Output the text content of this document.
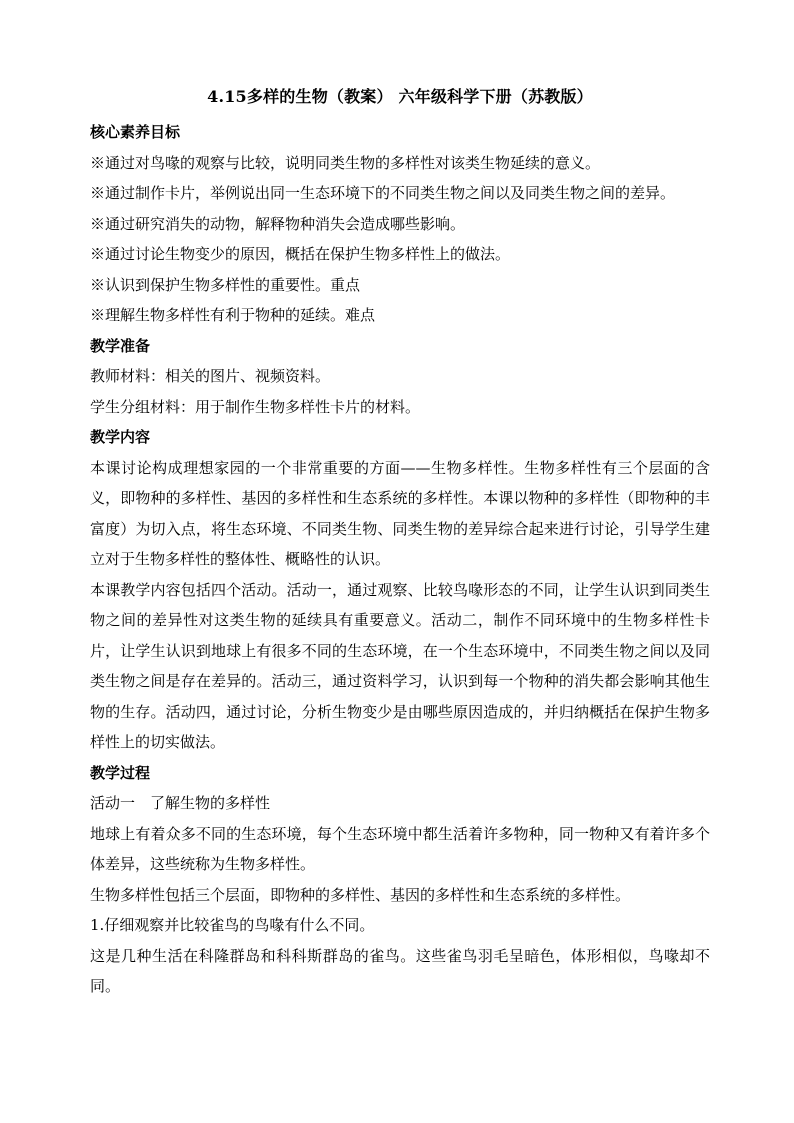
4.15多样的生物（教案） 六年级科学下册（苏教版）
核心素养目标
※通过对鸟喙的观察与比较，说明同类生物的多样性对该类生物延续的意义。
※通过制作卡片，举例说出同一生态环境下的不同类生物之间以及同类生物之间的差异。
※通过研究消失的动物，解释物种消失会造成哪些影响。
※通过讨论生物变少的原因，概括在保护生物多样性上的做法。
※认识到保护生物多样性的重要性。重点
※理解生物多样性有利于物种的延续。难点
教学准备
教师材料：相关的图片、视频资料。
学生分组材料：用于制作生物多样性卡片的材料。
教学内容
本课讨论构成理想家园的一个非常重要的方面——生物多样性。生物多样性有三个层面的含义，即物种的多样性、基因的多样性和生态系统的多样性。本课以物种的多样性（即物种的丰富度）为切入点，将生态环境、不同类生物、同类生物的差异综合起来进行讨论，引导学生建立对于生物多样性的整体性、概略性的认识。
本课教学内容包括四个活动。活动一，通过观察、比较鸟喙形态的不同，让学生认识到同类生物之间的差异性对这类生物的延续具有重要意义。活动二，制作不同环境中的生物多样性卡片，让学生认识到地球上有很多不同的生态环境，在一个生态环境中，不同类生物之间以及同类生物之间是存在差异的。活动三，通过资料学习，认识到每一个物种的消失都会影响其他生物的生存。活动四，通过讨论，分析生物变少是由哪些原因造成的，并归纳概括在保护生物多样性上的切实做法。
教学过程
活动一　了解生物的多样性
地球上有着众多不同的生态环境，每个生态环境中都生活着许多物种，同一物种又有着许多个体差异，这些统称为生物多样性。
生物多样性包括三个层面，即物种的多样性、基因的多样性和生态系统的多样性。
1.仔细观察并比较雀鸟的鸟喙有什么不同。
这是几种生活在科隆群岛和科科斯群岛的雀鸟。这些雀鸟羽毛呈暗色，体形相似，鸟喙却不同。
